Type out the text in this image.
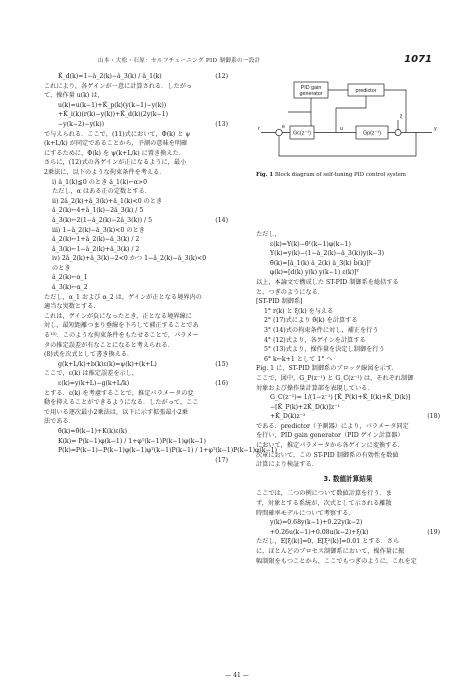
山本・大松・石原：セルフチューニング PID 制御系の一設計	1071
K̂_d(k)=1−â_2(k)−â_3(k) / â_1(k)	(12)
これにより，各ゲインが一意に計算される．したがっ
て，操作量 u(k) は，
u(k)=u(k−1)+K̂_p(k)(y(k−1)−y(k))
+K̂_i(k)(r(k)−y(k))+K̂_d(k)(2y(k−1)
−y(k−2)−y(k))	(13)
で与えられる．ここで，(11)式において，Φ(k) と ψ
(k+L/k) が同定であることから，予測の意味を明確
にするために，Φ(k) を ψ(k+L/k) に置き換えた．
さらに，(12)式の各ゲインが正になるように，最小
2乗法に，以下のような拘束条件を考える．
i) â_1(k)≦0 のとき â_1(k)←α>0
ただし，α はある正の定数とする．
ii) 2â_2(k)+â_3(k)+â_1(k)<0 のとき
â_2(k)←4+â_1(k)−2â_3(k) / 5
â_3(k)←2(1−â_2(k)−2â_3(k)) / 5	(14)
iii) 1−â_2(k)−â_3(k)<0 のとき
â_2(k)←1+â_2(k)−â_3(k) / 2
â_3(k)←1−â_2(k)+â_3(k) / 2
iv) 2â_2(k)+â_3(k)−2<0 かつ 1−â_2(k)−â_3(k)<0
のとき
â_2(k)←α_1
â_3(k)←α_2
ただし，α_1 および α_2 は，ゲインが正となる境界内の
適当な実数とする．
これは，ゲインが負になったとき，正となる境界線に
対し，最短距離つまり垂線を下ろして補正することであ
る¹⁰⁾．このような拘束条件をもたせることで，パラメー
タの推定誤差が有なことになると考えられる．
(8)式を次式として書き換える．
g(k+L/k)+b(k)ε(k)=ψ(k)+(k+L)	(15)
ここで，ε(k) は推定誤差を示し，
ε(k)=y(k+L)−g(k+L/k)	(16)
とする．ε(k) を考慮することで，推定パラメータの変
動を抑えることができるようになる．したがって，ここ
で用いる逐次最小2乗法は，以下に示す拡張最小2乗
法である．
θ̂(k)=θ̂(k−1)+K(k)ε(k)
K(k)= P(k−1)φ(k−1) / 1+φᵀ(k−1)P(k−1)φ(k−1)
P(k)=P(k−1)−P(k−1)φ(k−1)φᵀ(k−1)P(k−1) / 1+φᵀ(k−1)P(k−1)φ(k−1)
(17)
PID gain
generator	predictor
Gc(z⁻¹)	Gp(z⁻¹)
r	u	y
e
ξ
Fig. 1 Block diagram of self-tuning PID control system
ただし，
ε(k)=Y(k)−θ̂ᵀ(k−1)φ(k−1)
Y(k)=y(k)−(1−â_2(k)−â_3(k))y(k−3)
θ̂(k)=[â_1(k) â_2(k) â_3(k) b̂(k)]ᵀ
φ(k)=[d(k) y(k) y(k−1) ε(k)]ᵀ
以上，本論文で構成した ST-PID 制御系を総括する
と，つぎのようになる．
[ST-PID 制御系]
1° r(k) と ξ(k) を与える
2° (17)式により θ̂(k) を計算する
3° (14)式の拘束条件に対し，補正を行う
4° (12)式より，各ゲインを計算する
5° (13)式より，操作量を決定し制御を行う
6° k←k+1 として 1° へ
Fig. 1 に，ST-PID 制御系のブロック線図を示す．
ここで，図中，G_P(z⁻¹) と G_C(z⁻¹) は，それぞれ制御
対象および操作量計算部を表現している．
G_C(z⁻¹)= 1/(1−z⁻¹) [K̂_P(k)+K̂_I(k)+K̂_D(k)]
−[K̂_P(k)+2K̂_D(k)]z⁻¹
+K̂_D(k)z⁻²	(18)
である．predictor（予測器）により，パラメータ同定
を行い，PID gain generator（PID ゲイン計算器）
において，推定パラメータから各ゲインに変換する．
次章において，この ST-PID 制御系の有効性を数値
計算により検証する．
3. 数値計算結果
ここでは，二つの例について数値計算を行う．ま
ず，対象とする系統が，次式として示される離散
時間確率モデルについて考察する．
y(k)=0.68y(k−1)+0.22y(k−2)
+0.26u(k−1)+0.08u(k−2)+ξ(k)	(19)
ただし，E[ξ(k)]=0，E[ξ²(k)]=0.01 とする．さら
に，ほとんどのプロセス制御系において，操作量に振
幅制限をもつことから，ここでもつぎのように，これを定
— 41 —
